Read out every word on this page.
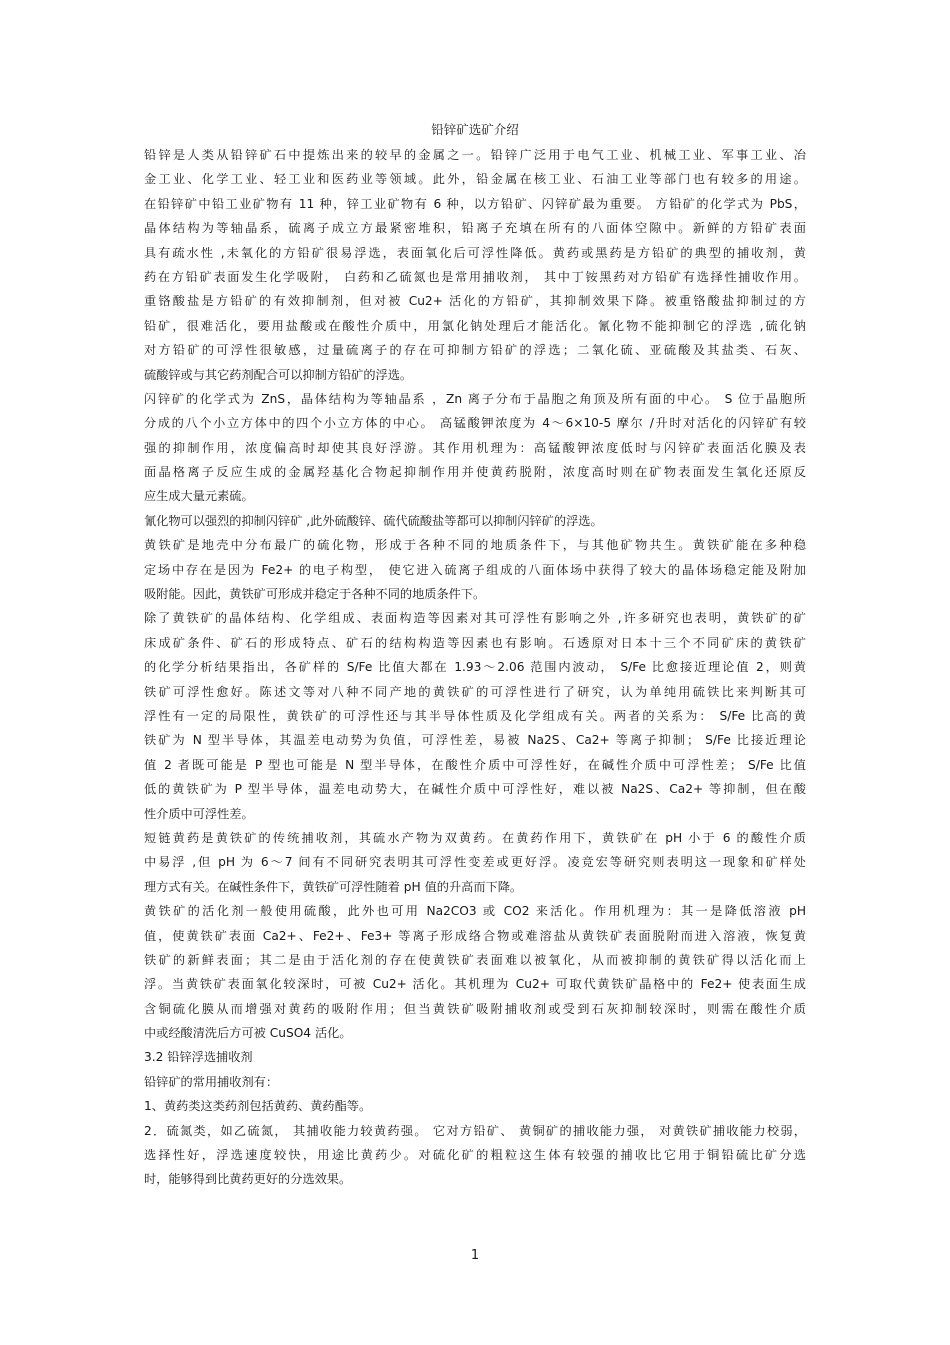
铅锌矿选矿介绍
铅锌是人类从铅锌矿石中提炼出来的较早的金属之一。铅锌广泛用于电气工业、机械工业、军事工业、冶
金工业、化学工业、轻工业和医药业等领域。此外，铅金属在核工业、石油工业等部门也有较多的用途。
在铅锌矿中铅工业矿物有 11 种，锌工业矿物有 6 种，以方铅矿、闪锌矿最为重要。 方铅矿的化学式为 PbS，
晶体结构为等轴晶系，硫离子成立方最紧密堆积，铅离子充填在所有的八面体空隙中。新鲜的方铅矿表面
具有疏水性 ,未氧化的方铅矿很易浮选，表面氧化后可浮性降低。黄药或黑药是方铅矿的典型的捕收剂，黄
药在方铅矿表面发生化学吸附， 白药和乙硫氮也是常用捕收剂， 其中丁铵黑药对方铅矿有选择性捕收作用。
重铬酸盐是方铅矿的有效抑制剂，但对被 Cu2+ 活化的方铅矿，其抑制效果下降。被重铬酸盐抑制过的方
铅矿，很难活化，要用盐酸或在酸性介质中，用氯化钠处理后才能活化。氰化物不能抑制它的浮选 ,硫化钠
对方铅矿的可浮性很敏感，过量硫离子的存在可抑制方铅矿的浮选；二氧化硫、亚硫酸及其盐类、石灰、
硫酸锌或与其它药剂配合可以抑制方铅矿的浮选。
闪锌矿的化学式为 ZnS，晶体结构为等轴晶系 ，Zn 离子分布于晶胞之角顶及所有面的中心。 S 位于晶胞所
分成的八个小立方体中的四个小立方体的中心。 高锰酸钾浓度为 4～6×10-5 摩尔 /升时对活化的闪锌矿有较
强的抑制作用，浓度偏高时却使其良好浮游。其作用机理为：高锰酸钾浓度低时与闪锌矿表面活化膜及表
面晶格离子反应生成的金属羟基化合物起抑制作用并使黄药脱附，浓度高时则在矿物表面发生氧化还原反
应生成大量元素硫。
氰化物可以强烈的抑制闪锌矿 ,此外硫酸锌、硫代硫酸盐等都可以抑制闪锌矿的浮选。
黄铁矿是地壳中分布最广的硫化物，形成于各种不同的地质条件下，与其他矿物共生。黄铁矿能在多种稳
定场中存在是因为 Fe2+ 的电子构型， 使它进入硫离子组成的八面体场中获得了较大的晶体场稳定能及附加
吸附能。因此，黄铁矿可形成并稳定于各种不同的地质条件下。
除了黄铁矿的晶体结构、化学组成、表面构造等因素对其可浮性有影响之外 ,许多研究也表明，黄铁矿的矿
床成矿条件、矿石的形成特点、矿石的结构构造等因素也有影响。石透原对日本十三个不同矿床的黄铁矿
的化学分析结果指出，各矿样的 S/Fe 比值大都在 1.93～2.06 范围内波动， S/Fe 比愈接近理论值 2，则黄
铁矿可浮性愈好。陈述文等对八种不同产地的黄铁矿的可浮性进行了研究，认为单纯用硫铁比来判断其可
浮性有一定的局限性，黄铁矿的可浮性还与其半导体性质及化学组成有关。两者的关系为： S/Fe 比高的黄
铁矿为 N 型半导体，其温差电动势为负值，可浮性差，易被 Na2S、Ca2+ 等离子抑制； S/Fe 比接近理论
值 2 者既可能是 P 型也可能是 N 型半导体，在酸性介质中可浮性好，在碱性介质中可浮性差； S/Fe 比值
低的黄铁矿为 P 型半导体，温差电动势大，在碱性介质中可浮性好，难以被 Na2S、Ca2+ 等抑制，但在酸
性介质中可浮性差。
短链黄药是黄铁矿的传统捕收剂，其硫水产物为双黄药。在黄药作用下，黄铁矿在 pH 小于 6 的酸性介质
中易浮 ,但 pH 为 6～7 间有不同研究表明其可浮性变差或更好浮。凌竞宏等研究则表明这一现象和矿样处
理方式有关。在碱性条件下，黄铁矿可浮性随着 pH 值的升高而下降。
黄铁矿的活化剂一般使用硫酸，此外也可用 Na2CO3 或 CO2 来活化。作用机理为：其一是降低溶液 pH
值，使黄铁矿表面 Ca2+、Fe2+、Fe3+ 等离子形成络合物或难溶盐从黄铁矿表面脱附而进入溶液，恢复黄
铁矿的新鲜表面；其二是由于活化剂的存在使黄铁矿表面难以被氧化，从而被抑制的黄铁矿得以活化而上
浮。当黄铁矿表面氧化较深时，可被 Cu2+ 活化。其机理为 Cu2+ 可取代黄铁矿晶格中的 Fe2+ 使表面生成
含铜硫化膜从而增强对黄药的吸附作用；但当黄铁矿吸附捕收剂或受到石灰抑制较深时，则需在酸性介质
中或经酸清洗后方可被 CuSO4 活化。
3.2 铅锌浮选捕收剂
铅锌矿的常用捕收剂有：
1、黄药类这类药剂包括黄药、黄药酯等。
2．硫氮类，如乙硫氮， 其捕收能力较黄药强。 它对方铅矿、 黄铜矿的捕收能力强， 对黄铁矿捕收能力校弱，
选择性好，浮选速度较快，用途比黄药少。对硫化矿的粗粒这生体有较强的捕收比它用于铜铅硫比矿分选
时，能够得到比黄药更好的分选效果。
1
